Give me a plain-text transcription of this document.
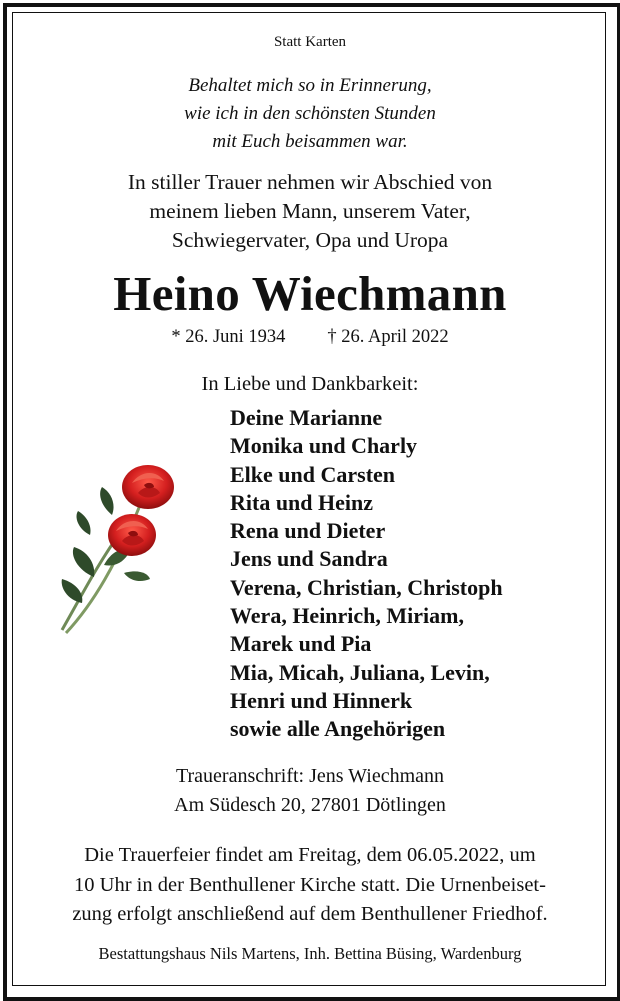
Statt Karten
Behaltet mich so in Erinnerung,
wie ich in den schönsten Stunden
mit Euch beisammen war.
In stiller Trauer nehmen wir Abschied von
meinem lieben Mann, unserem Vater,
Schwiegervater, Opa und Uropa
Heino Wiechmann
* 26. Juni 1934 † 26. April 2022
In Liebe und Dankbarkeit:
Deine Marianne
Monika und Charly
Elke und Carsten
Rita und Heinz
Rena und Dieter
Jens und Sandra
Verena, Christian, Christoph
Wera, Heinrich, Miriam,
Marek und Pia
Mia, Micah, Juliana, Levin,
Henri und Hinnerk
sowie alle Angehörigen
Traueranschrift: Jens Wiechmann
Am Südesch 20, 27801 Dötlingen
Die Trauerfeier findet am Freitag, dem 06.05.2022, um
10 Uhr in der Benthullener Kirche statt. Die Urnenbeiset-
zung erfolgt anschließend auf dem Benthullener Friedhof.
Bestattungshaus Nils Martens, Inh. Bettina Büsing, Wardenburg
